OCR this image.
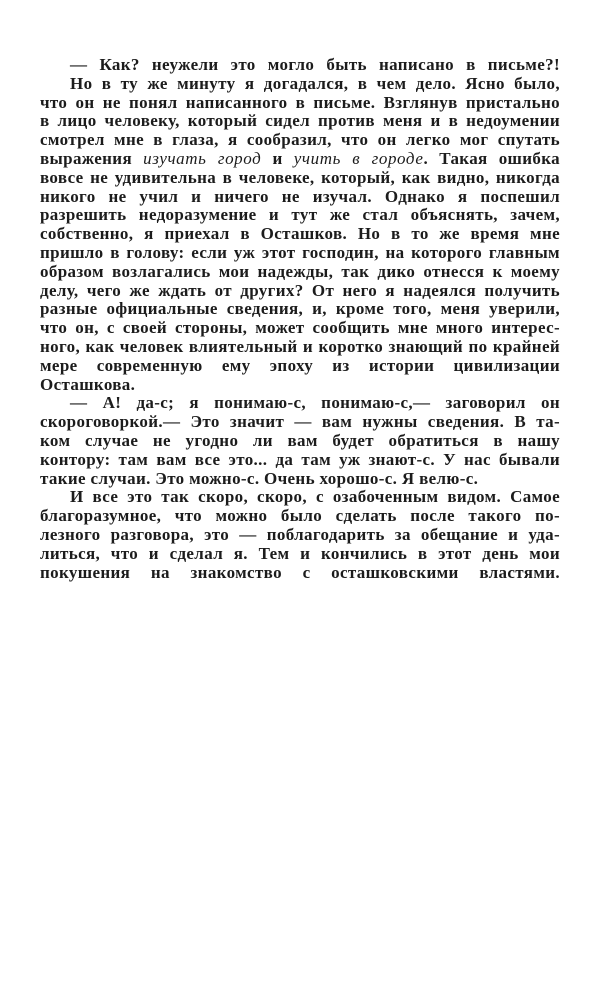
— Как? неужели это могло быть написано в письме?!
Но в ту же минуту я догадался, в чем дело. Ясно было,
что он не понял написанного в письме. Взглянув пристально
в лицо человеку, который сидел против меня и в недоумении
смотрел мне в глаза, я сообразил, что он легко мог спутать
выражения изучать город и учить в городе. Такая ошибка
вовсе не удивительна в человеке, который, как видно, никогда
никого не учил и ничего не изучал. Однако я поспешил
разрешить недоразумение и тут же стал объяснять, зачем,
собственно, я приехал в Осташков. Но в то же время мне
пришло в голову: если уж этот господин, на которого главным
образом возлагались мои надежды, так дико отнесся к моему
делу, чего же ждать от других? От него я надеялся получить
разные официальные сведения, и, кроме того, меня уверили,
что он, с своей стороны, может сообщить мне много интерес-
ного, как человек влиятельный и коротко знающий по крайней
мере современную ему эпоху из истории цивилизации
Осташкова.
— А! да-с; я понимаю-с, понимаю-с,— заговорил он
скороговоркой.— Это значит — вам нужны сведения. В та-
ком случае не угодно ли вам будет обратиться в нашу
контору: там вам все это... да там уж знают-с. У нас бывали
такие случаи. Это можно-с. Очень хорошо-с. Я велю-с.
И все это так скоро, скоро, с озабоченным видом. Самое
благоразумное, что можно было сделать после такого по-
лезного разговора, это — поблагодарить за обещание и уда-
литься, что и сделал я. Тем и кончились в этот день мои
покушения на знакомство с осташковскими властями.
